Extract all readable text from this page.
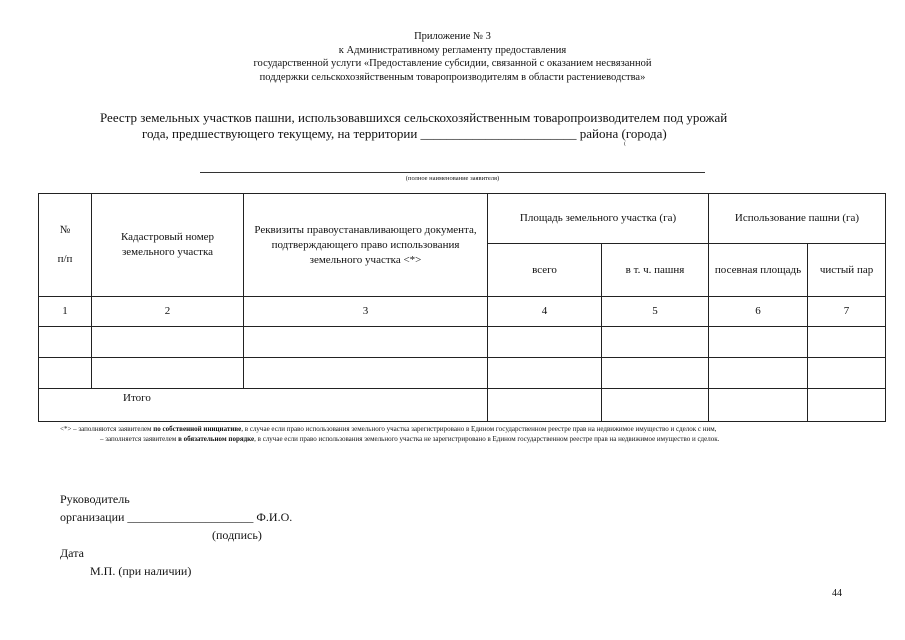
Приложение № 3
к Административному регламенту предоставления
государственной услуги «Предоставление субсидии, связанной с оказанием несвязанной
поддержки сельскохозяйственным товаропроизводителям в области растениеводства»
Реестр земельных участков пашни, использовавшихся сельскохозяйственным товаропроизводителем под урожай
года, предшествующего текущему, на территории ________________________ района (города)
(
(полное наименование заявителя)
№
п/п	Кадастровый номер земельного участка	Реквизиты правоустанавливающего документа, подтверждающего право использования земельного участка <*>	Площадь земельного участка (га)		Использование пашни (га)	
			всего	в т. ч. пашня	посевная площадь	чистый пар
1	2	3	4	5	6	7

Итого						
<*> – заполняются заявителем по собственной инициативе, в случае если право использования земельного участка зарегистрировано в Едином государственном реестре прав на недвижимое имущество и сделок с ним,
– заполняется заявителем в обязательном порядке, в случае если право использования земельного участка не зарегистрировано в Едином государственном реестре прав на недвижимое имущество и сделок.
Руководитель
организации _____________________ Ф.И.О.
(подпись)
Дата
М.П. (при наличии)
44
